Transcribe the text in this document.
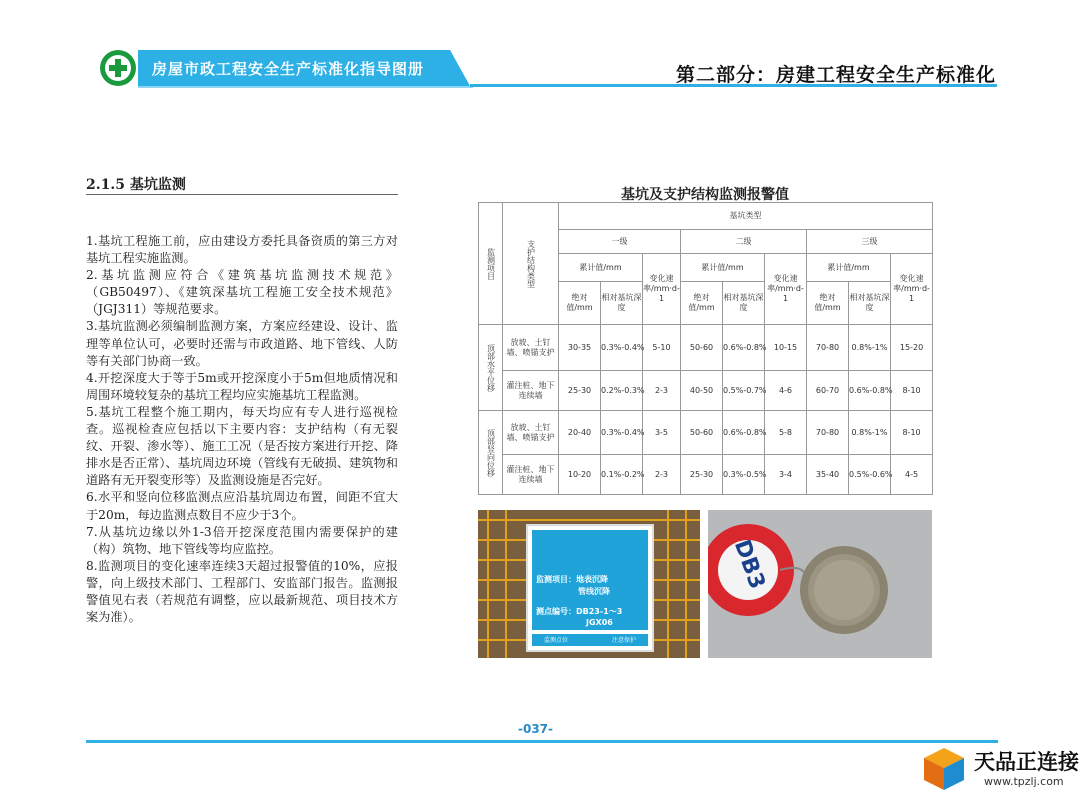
房屋市政工程安全生产标准化指导图册	第二部分：房建工程安全生产标准化
2.1.5 基坑监测
1.基坑工程施工前，应由建设方委托具备资质的第三方对基坑工程实施监测。
2.基坑监测应符合《建筑基坑监测技术规范》（GB50497）、《建筑深基坑工程施工安全技术规范》（JGJ311）等规范要求。
3.基坑监测必须编制监测方案，方案应经建设、设计、监理等单位认可，必要时还需与市政道路、地下管线、人防等有关部门协商一致。
4.开挖深度大于等于5m或开挖深度小于5m但地质情况和周围环境较复杂的基坑工程均应实施基坑工程监测。
5.基坑工程整个施工期内，每天均应有专人进行巡视检查。巡视检查应包括以下主要内容：支护结构（有无裂纹、开裂、渗水等）、施工工况（是否按方案进行开挖、降排水是否正常）、基坑周边环境（管线有无破损、建筑物和道路有无开裂变形等）及监测设施是否完好。
6.水平和竖向位移监测点应沿基坑周边布置，间距不宜大于20m，每边监测点数目不应少于3个。
7.从基坑边缘以外1-3倍开挖深度范围内需要保护的建（构）筑物、地下管线等均应监控。
8.监测项目的变化速率连续3天超过报警值的10%，应报警，向上级技术部门、工程部门、安监部门报告。监测报警值见右表（若规范有调整，应以最新规范、项目技术方案为准）。
基坑及支护结构监测报警值
监测项目	支护结构类型	基坑类型								
		一级			二级			三级		
		累计值/mm		变化速率/mm·d-1	累计值/mm		变化速率/mm·d-1	累计值/mm		变化速率/mm·d-1
		绝对值/mm	相对基坑深度		绝对值/mm	相对基坑深度		绝对值/mm	相对基坑深度	

顶部水平位移	放坡、土钉墙、喷锚支护	30-35	0.3%-0.4%	5-10	50-60	0.6%-0.8%	10-15	70-80	0.8%-1%	15-20
	灌注桩、地下连续墙	25-30	0.2%-0.3%	2-3	40-50	0.5%-0.7%	4-6	60-70	0.6%-0.8%	8-10

顶部竖向位移	放坡、土钉墙、喷锚支护	20-40	0.3%-0.4%	3-5	50-60	0.6%-0.8%	5-8	70-80	0.8%-1%	8-10
	灌注桩、地下连续墙	10-20	0.1%-0.2%	2-3	25-30	0.3%-0.5%	3-4	35-40	0.5%-0.6%	4-5
监测项目：地表沉降
管线沉降
测点编号：DB23-1～3
JGX06
监测点位	注意保护
DB3
-037-
天品正连接
www.tpzlj.com
